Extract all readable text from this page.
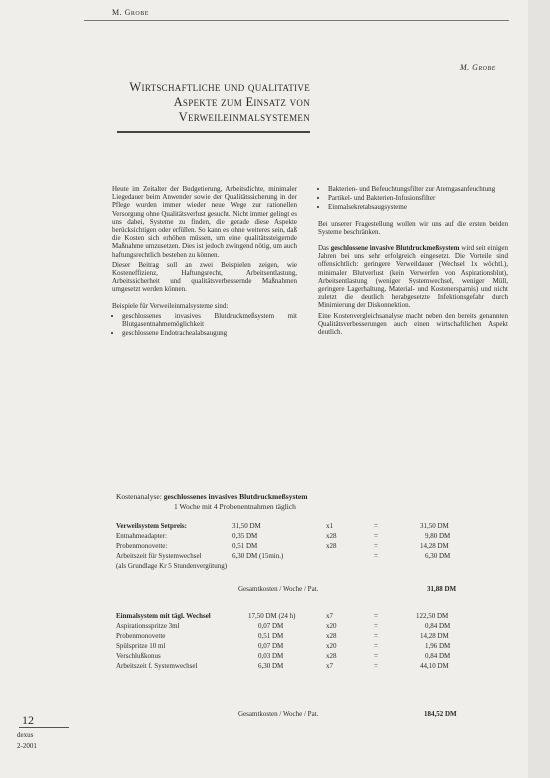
M. Grobe
M. Grobe
Wirtschaftliche und qualitative
Aspekte zum Einsatz von
Verweileinmalsystemen

Heute im Zeitalter der Budgetierung, Arbeitsdichte, minimaler Liegedauer beim Anwender sowie der Qualitätssicherung in der Pflege wurden immer wieder neue Wege zur rationellen Versorgung ohne Qualitätsverlust gesucht. Nicht immer gelingt es uns dabei, Systeme zu finden, die gerade diese Aspekte berücksichtigen oder erfüllen. So kann es ohne weiteres sein, daß die Kosten sich erhöhen müssen, um eine qualitätssteigernde Maßnahme umzusetzen. Dies ist jedoch zwingend nötig, um auch haftungsrechtlich bestehen zu können.

Dieser Beitrag soll an zwei Beispielen zeigen, wie Kosteneffizienz, Haftungsrecht, Arbeitsentlastung, Arbeitssicherheit und qualitätsverbessernde Maßnahmen umgesetzt werden können.

Beispiele für Verweileinmalsysteme sind:

• geschlossenes invasives Blutdruckmeßsystem mit Blutgasentnahmemöglichkeit
• geschlossene Endotrachealabsaugung
• Bakterien- und Befeuchtungsfilter zur Atemgasanfeuchtung
• Partikel- und Bakterien-Infusionsfilter
• Einmalsekretabsaugsysteme

Bei unserer Fragestellung wollen wir uns auf die ersten beiden Systeme beschränken.

Das geschlossene invasive Blutdruckmeßsystem wird seit einigen Jahren bei uns sehr erfolgreich eingesetzt. Die Vorteile sind offensichtlich: geringere Verweildauer (Wechsel 1x wöchtl.), minimaler Blutverlust (kein Verwerfen von Aspirationsblut), Arbeitsentlastung (weniger Systemwechsel, weniger Müll, geringere Lagerhaltung, Material- und Kostenersparnis) und nicht zuletzt die deutlich herabgesetzte Infektionsgefahr durch Minimierung der Diskonnektion.

Eine Kostenvergleichsanalyse macht neben den bereits genannten Qualitätsverbesserungen auch einen wirtschaftlichen Aspekt deutlich.

Kostenanalyse: geschlossenes invasives Blutdruckmeßsystem
1 Woche mit 4 Probenentnahmen täglich
Verweilsystem Setpreis:	31,50 DM	x1	=	31,50 DM
Entnahmeadapter:	0,35 DM	x28	=	9,80 DM
Probenmonovette:	0,51 DM	x28	=	14,28 DM
Arbeitszeit für Systemwechsel	6,30 DM (15min.)	=	6,30 DM
(als Grundlage Kr 5 Stundenvergütung)
Gesamtkosten / Woche / Pat.	31,88 DM
Einmalsystem mit tägl. Wechsel	17,50 DM (24 h)	x7	=	122,50 DM
Aspirationsspritze 3ml	0,07 DM	x20	=	0,84 DM
Probenmonovette	0,51 DM	x28	=	14,28 DM
Spülspritze 10 ml	0,07 DM	x20	=	1,96 DM
Verschlußkonus	0,03 DM	x28	=	0,84 DM
Arbeitszeit f. Systemwechsel	6,30 DM	x7	=	44,10 DM
Gesamtkosten / Woche / Pat.	184,52 DM
12
dexus
2-2001
